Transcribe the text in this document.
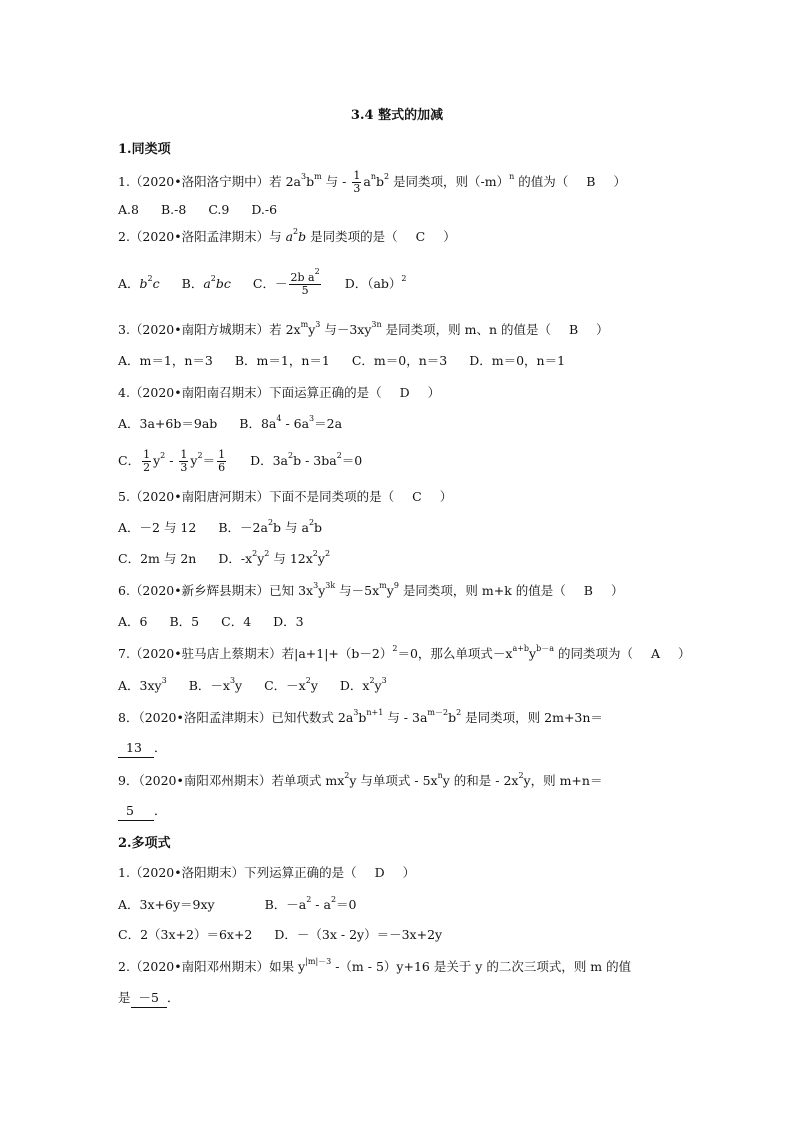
3.4 整式的加减
1.同类项
1.（2020•洛阳洛宁期中）若 $2a^3b^m$ 与 - $\frac{1}{3} a^nb^2$ 是同类项，则$(-m)^n$ 的值为（ B ）
A.8 B.-8 C.9 D.-6
2.（2020•洛阳孟津期末）与 $a^2b$ 是同类项的是（ C ）
A．$b^2c$ B．$a^2bc$ C．－ $\frac{2b a^2}{5}$ D．（ab）$^2$
3.（2020•南阳方城期末）若 $2x^my^3$ 与$-3xy^{3n}$ 是同类项，则 m、n 的值是（ B ）
A．m＝1，n＝3 B．m＝1，n＝1 C．m＝0，n＝3 D．m＝0，n＝1
4.（2020•南阳南召期末）下面运算正确的是（ D ）
A．3a+6b＝9ab B．$8a^4 - 6a^3=2a$
C． $\frac{1}{2} y^2 - \frac{1}{3} y^2= \frac{1}{6}$ D．$3a^2b - 3ba^2=0$
5.（2020•南阳唐河期末）下面不是同类项的是（ C ）
A．－2 与 12 B．$-2a^2b$ 与 $a^2b$
C．2m 与 2n D．$-x^2y^2$ 与 $12x^2y^2$
6.（2020•新乡辉县期末）已知 $3x^3y^{3k}$ 与$-5x^my^9$ 是同类项，则 m+k 的值是（ B ）
A．6 B．5 C．4 D．3
7.（2020•驻马店上蔡期末）若$|a+1|+(b-2)^2=0$，那么单项式$-x^{a+b}y^{b-a}$ 的同类项为（ A ）
A．$3xy^3$ B．$-x^3y$ C．$-x^2y$ D．$x^2y^3$
8．（2020•洛阳孟津期末）已知代数式 $2a^3b^{n+1}$ 与 - $3a^{m-2}b^2$ 是同类项，则 2m+3n＝
13 ．
9．（2020•南阳邓州期末）若单项式 $mx^2y$ 与单项式 - $5x^ny$ 的和是 - $2x^2y$，则 m+n＝
5 ．
2.多项式
1.（2020•洛阳期末）下列运算正确的是（ D ）
A．3x+6y＝9xy	B．$-a^2 - a^2=0$
C．2（3x+2）＝6x+2 D．－（3x - 2y）＝－3x+2y
2.（2020•南阳邓州期末）如果 $y^{|m|-3}$ -（m - 5）y+16 是关于 y 的二次三项式，则 m 的值
是 －5 ．
